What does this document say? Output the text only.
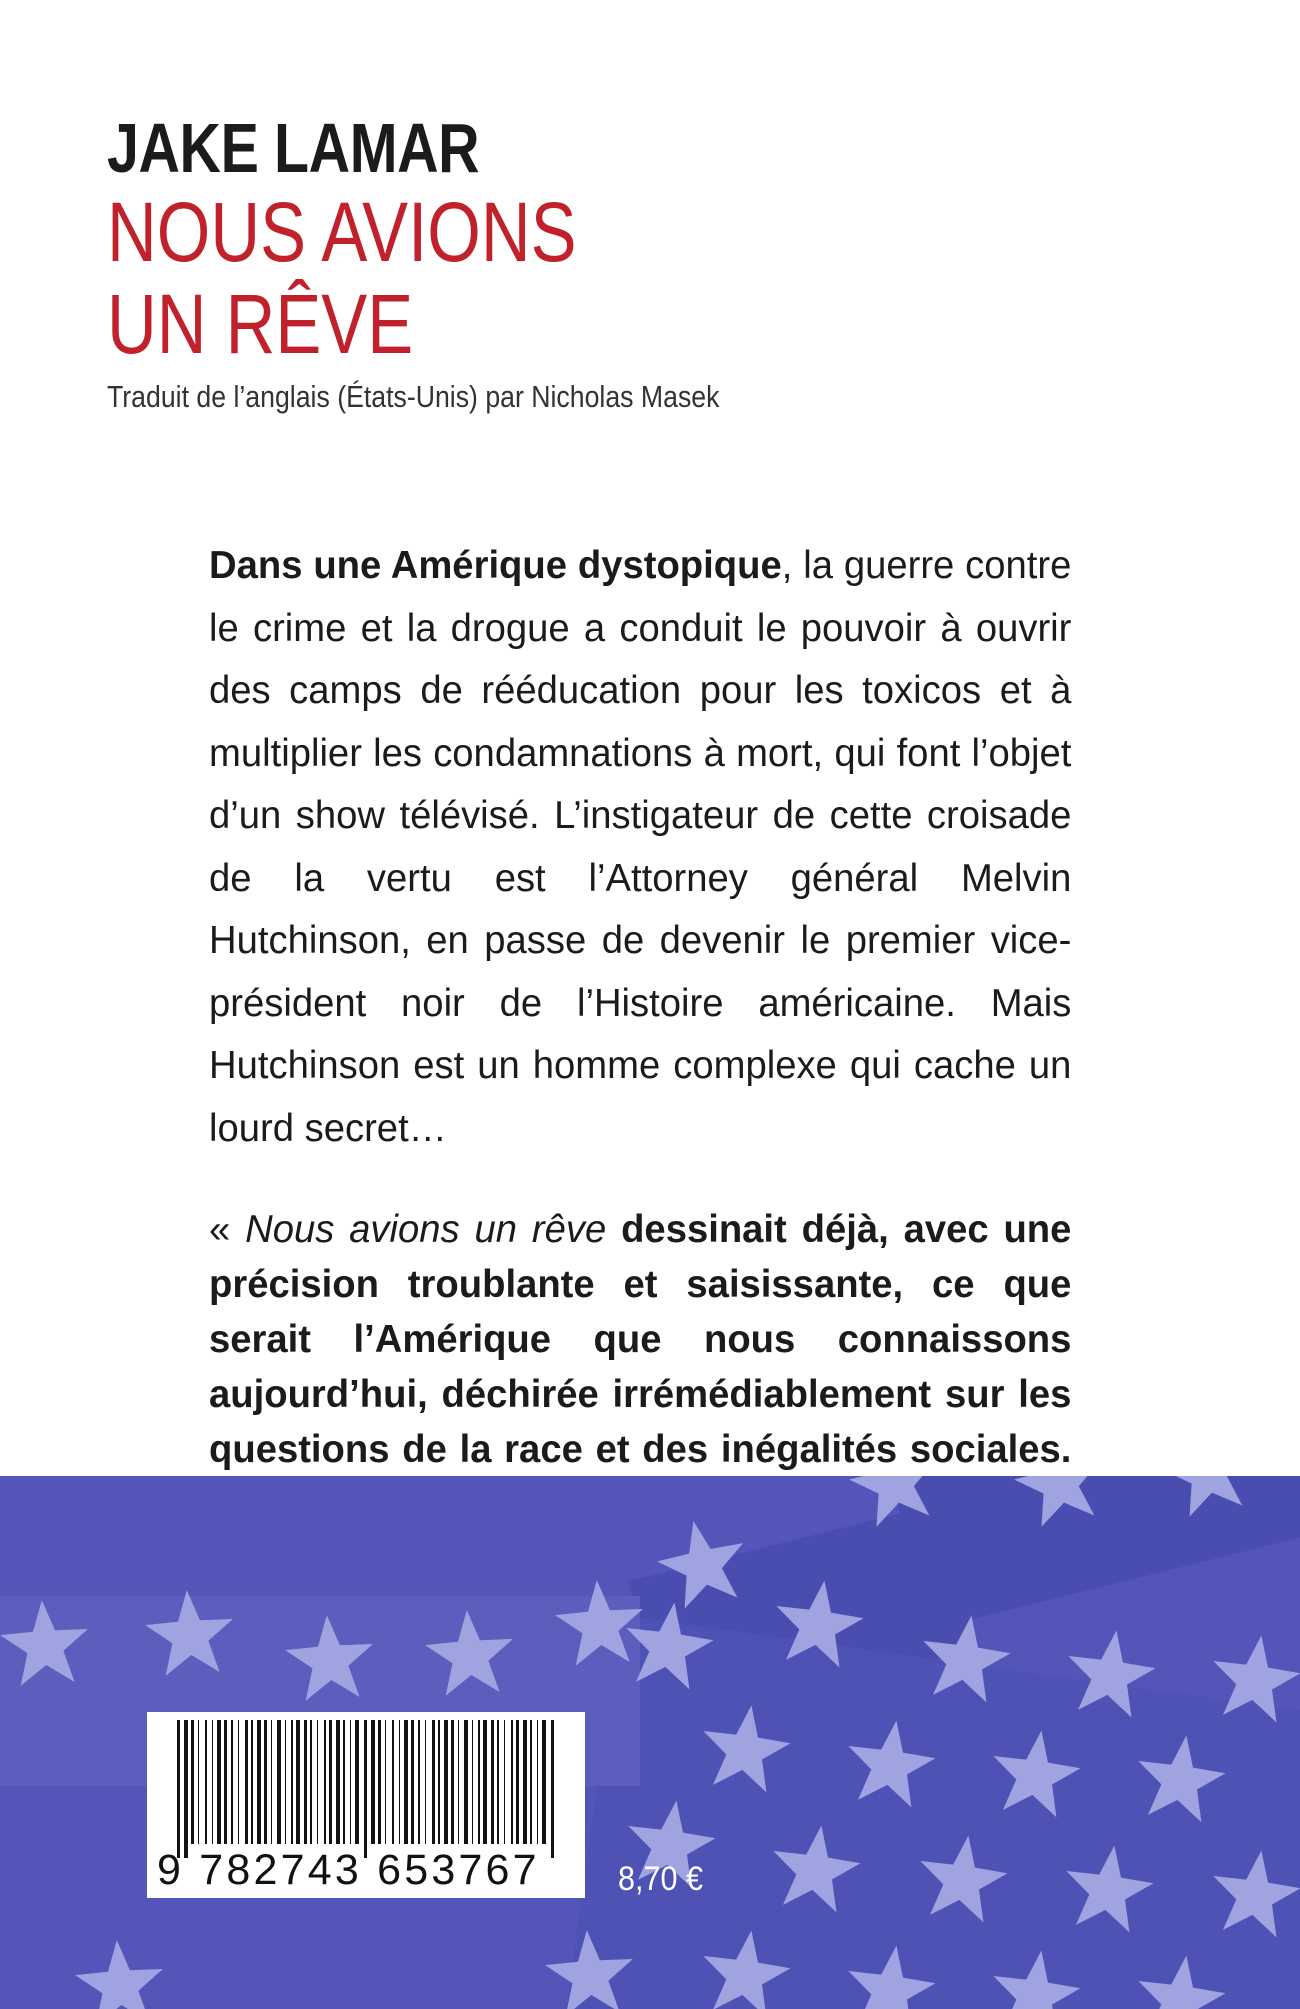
JAKE LAMAR
NOUS AVIONS
UN RÊVE
Traduit de l’anglais (États-Unis) par Nicholas Masek
Dans une Amérique dystopique, la guerre contre le crime et la drogue a conduit le pouvoir à ouvrir des camps de rééducation pour les toxicos et à multiplier les condamnations à mort, qui font l’objet d’un show télévisé. L’instigateur de cette croisade de la vertu est l’Attorney général Melvin Hutchinson, en passe de devenir le premier vice-président noir de l’Histoire américaine. Mais Hutchinson est un homme complexe qui cache un lourd secret…
« Nous avions un rêve dessinait déjà, avec une précision troublante et saisissante, ce que serait l’Amérique que nous connaissons aujourd’hui, déchirée irrémédiablement sur les questions de la race et des inégalités sociales.
9 782743 653767	8,70 €
